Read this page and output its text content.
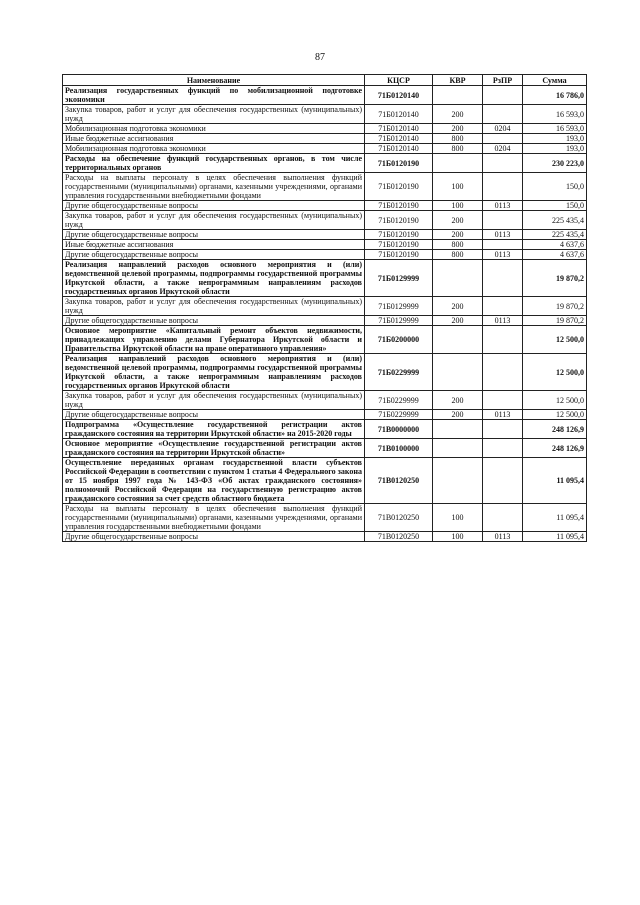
87
Наименование	КЦСР	КВР	РзПР	Сумма
Реализация государственных функций по мобилизационной подготовке экономики	71Б0120140			16 786,0
Закупка товаров, работ и услуг для обеспечения государственных (муниципальных) нужд	71Б0120140	200		16 593,0
Мобилизационная подготовка экономики	71Б0120140	200	0204	16 593,0
Иные бюджетные ассигнования	71Б0120140	800		193,0
Мобилизационная подготовка экономики	71Б0120140	800	0204	193,0
Расходы на обеспечение функций государственных органов, в том числе территориальных органов	71Б0120190			230 223,0
Расходы на выплаты персоналу в целях обеспечения выполнения функций государственными (муниципальными) органами, казенными учреждениями, органами управления государственными внебюджетными фондами	71Б0120190	100		150,0
Другие общегосударственные вопросы	71Б0120190	100	0113	150,0
Закупка товаров, работ и услуг для обеспечения государственных (муниципальных) нужд	71Б0120190	200		225 435,4
Другие общегосударственные вопросы	71Б0120190	200	0113	225 435,4
Иные бюджетные ассигнования	71Б0120190	800		4 637,6
Другие общегосударственные вопросы	71Б0120190	800	0113	4 637,6
Реализация направлений расходов основного мероприятия и (или) ведомственной целевой программы, подпрограммы государственной программы Иркутской области, а также непрограммным направлениям расходов государственных органов Иркутской области	71Б0129999			19 870,2
Закупка товаров, работ и услуг для обеспечения государственных (муниципальных) нужд	71Б0129999	200		19 870,2
Другие общегосударственные вопросы	71Б0129999	200	0113	19 870,2
Основное мероприятие «Капитальный ремонт объектов недвижимости, принадлежащих управлению делами Губернатора Иркутской области и Правительства Иркутской области на праве оперативного управления»	71Б0200000			12 500,0
Реализация направлений расходов основного мероприятия и (или) ведомственной целевой программы, подпрограммы государственной программы Иркутской области, а также непрограммным направлениям расходов государственных органов Иркутской области	71Б0229999			12 500,0
Закупка товаров, работ и услуг для обеспечения государственных (муниципальных) нужд	71Б0229999	200		12 500,0
Другие общегосударственные вопросы	71Б0229999	200	0113	12 500,0
Подпрограмма «Осуществление государственной регистрации актов гражданского состояния на территории Иркутской области» на 2015-2020 годы	71В0000000			248 126,9
Основное мероприятие «Осуществление государственной регистрации актов гражданского состояния на территории Иркутской области»	71В0100000			248 126,9
Осуществление переданных органам государственной власти субъектов Российской Федерации в соответствии с пунктом 1 статьи 4 Федерального закона от 15 ноября 1997 года № 143-ФЗ «Об актах гражданского состояния» полномочий Российской Федерации на государственную регистрацию актов гражданского состояния за счет средств областного бюджета	71В0120250			11 095,4
Расходы на выплаты персоналу в целях обеспечения выполнения функций государственными (муниципальными) органами, казенными учреждениями, органами управления государственными внебюджетными фондами	71В0120250	100		11 095,4
Другие общегосударственные вопросы	71В0120250	100	0113	11 095,4
